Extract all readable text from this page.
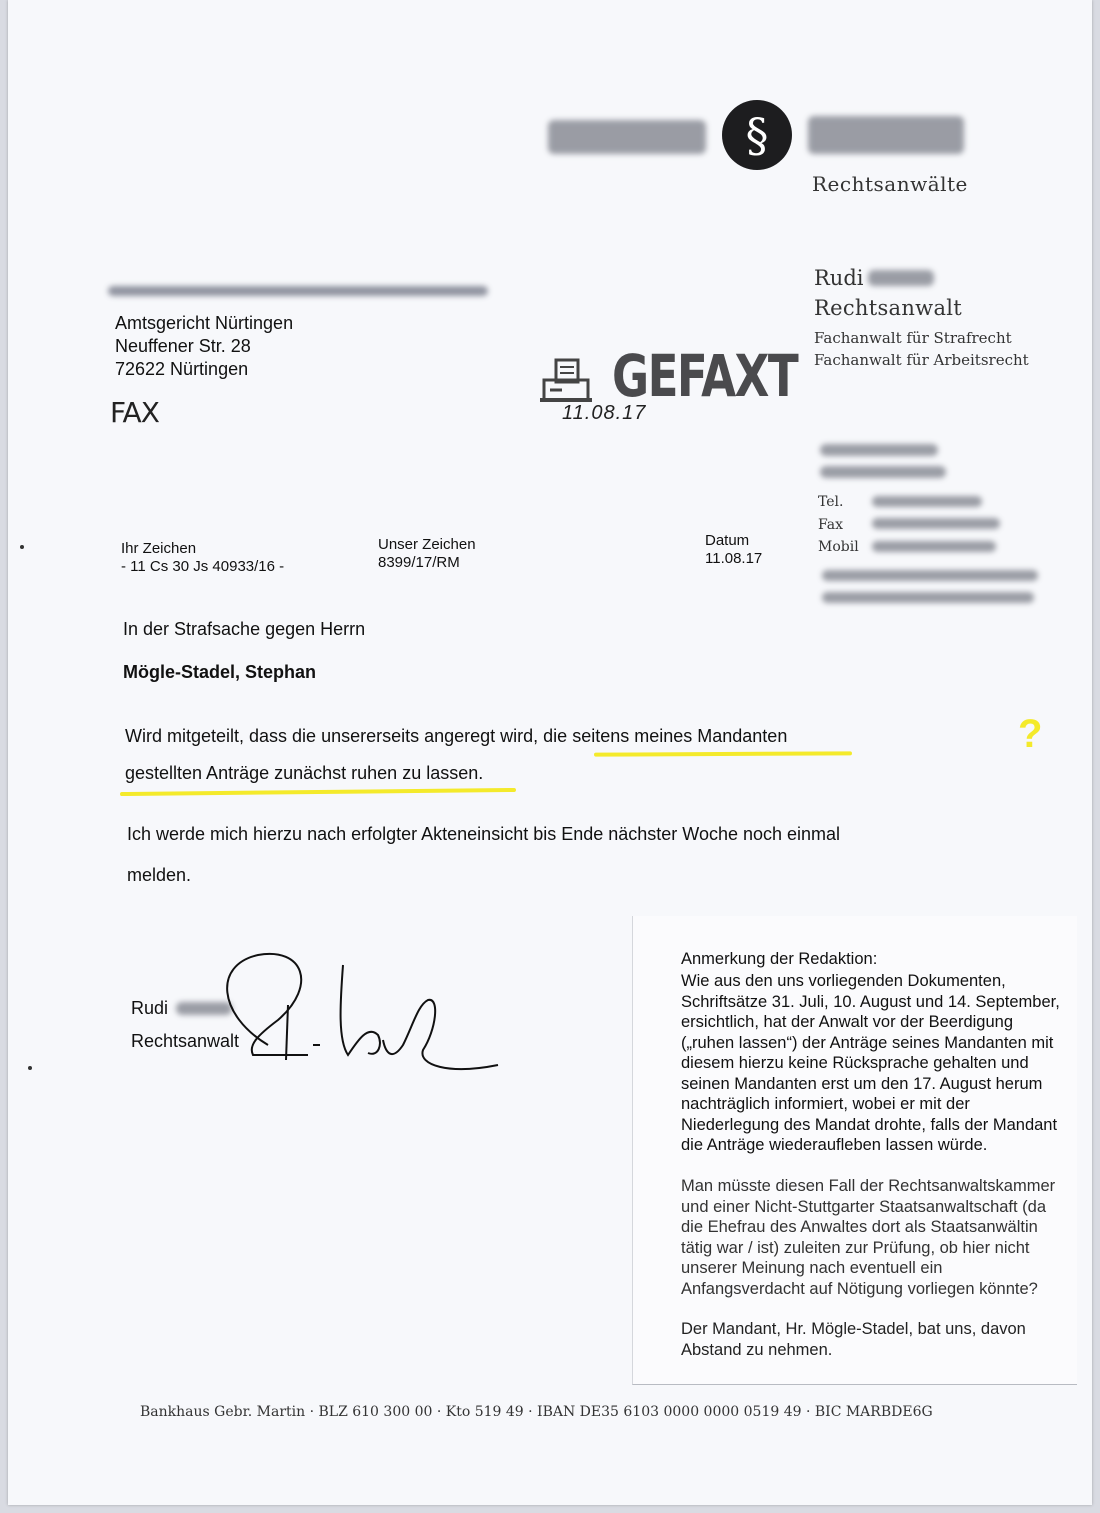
§
Rechtsanwälte
Rudi
Rechtsanwalt
Fachanwalt für Strafrecht
Fachanwalt für Arbeitsrecht
Tel.
Fax
Mobil
Amtsgericht Nürtingen
Neuffener Str. 28
72622 Nürtingen
FAX
GEFAXT
11.08.17
Ihr Zeichen
- 11 Cs 30 Js 40933/16 -
Unser Zeichen
8399/17/RM
Datum
11.08.17
In der Strafsache gegen Herrn
Mögle-Stadel, Stephan
Wird mitgeteilt, dass die unsererseits angeregt wird, die seitens meines Mandanten
gestellten Anträge zunächst ruhen zu lassen.
?
Ich werde mich hierzu nach erfolgter Akteneinsicht bis Ende nächster Woche noch einmal
melden.
Rudi
Rechtsanwalt
Anmerkung der Redaktion:

Wie aus den uns vorliegenden Dokumenten, Schriftsätze 31. Juli, 10. August und 14. September, ersichtlich, hat der Anwalt vor der Beerdigung („ruhen lassen“) der Anträge seines Mandanten mit diesem hierzu keine Rücksprache gehalten und seinen Mandanten erst um den 17. August herum nachträglich informiert, wobei er mit der Niederlegung des Mandat drohte, falls der Mandant die Anträge wiederaufleben lassen würde.

Man müsste diesen Fall der Rechtsanwaltskammer und einer Nicht-Stuttgarter Staatsanwaltschaft (da die Ehefrau des Anwaltes dort als Staatsanwältin tätig war / ist) zuleiten zur Prüfung, ob hier nicht unserer Meinung nach eventuell ein Anfangsverdacht auf Nötigung vorliegen könnte?

Der Mandant, Hr. Mögle-Stadel, bat uns, davon Abstand zu nehmen.

Bankhaus Gebr. Martin · BLZ 610 300 00 · Kto 519 49 · IBAN DE35 6103 0000 0000 0519 49 · BIC MARBDE6G
